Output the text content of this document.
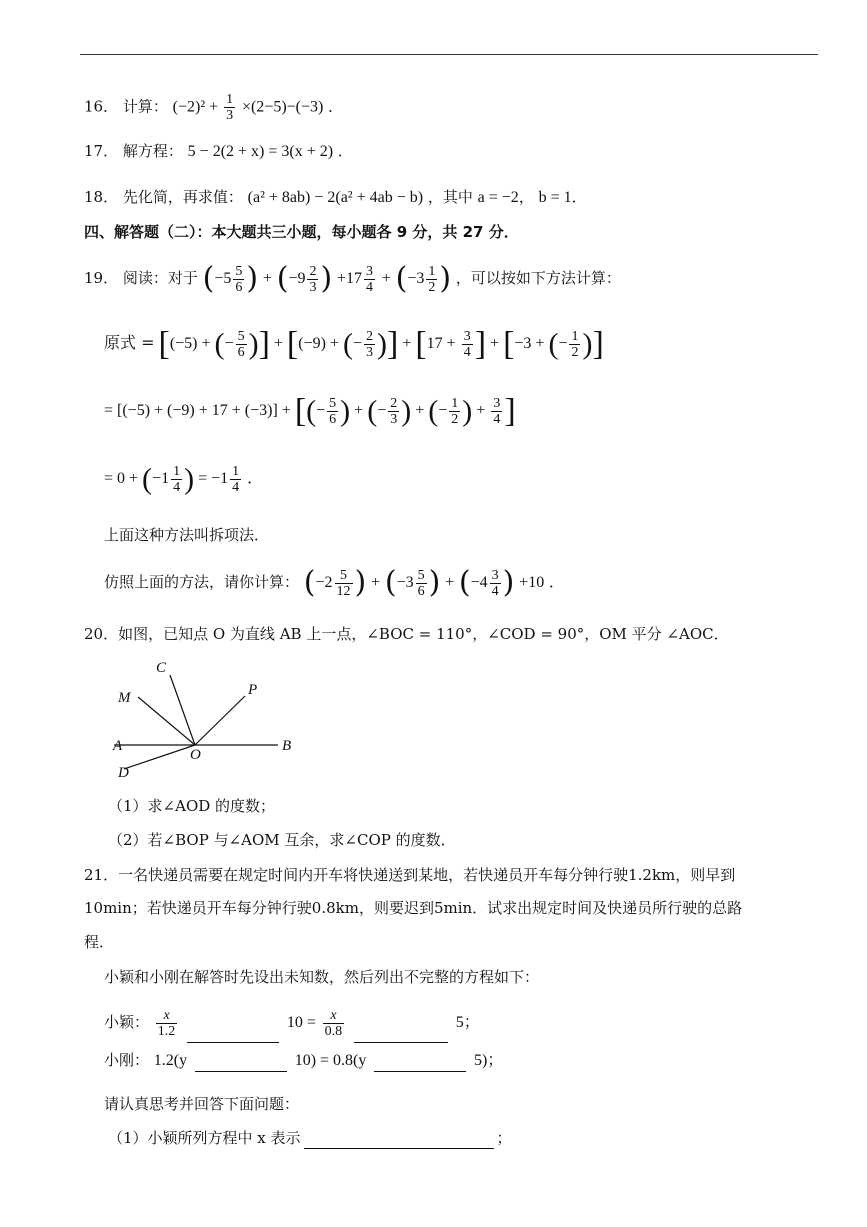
16． 计算： $(-2)^2 + \frac{1}{3} \times(2-5)-(-3)$ ．
17． 解方程： 5 − 2(2 + x) = 3(x + 2) ．
18． 先化简，再求值： (a² + 8ab) − 2(a² + 4ab − b) ，其中 a = −2， b = 1．
四、解答题（二）：本大题共三小题，每小题各 9 分，共 27 分．
19． 阅读：对于 ($-5 \frac{5}{6}$ ) + ($-9 \frac{2}{3}$ ) $+17 \frac{3}{4} + (-3 \frac{1}{2}$ ) ，可以按如下方法计算：
原式 = [(−5) + (− $\frac{5}{6}$ )] + [(−9) + (− $\frac{2}{3}$ )] + [$17 + \frac{3}{4}$ ] + [−3 + (− $\frac{1}{2}$ )]
= [(−5) + (−9) + 17 + (−3)] + [(− $\frac{5}{6}$ ) + (− $\frac{2}{3}$ ) + (− $\frac{1}{2}$ ) + $\frac{3}{4}$ ]
= $0 + (-1 \frac{1}{4}$ ) = $-1 \frac{1}{4}$ ．
上面这种方法叫拆项法．
仿照上面的方法，请你计算： ($-2 \frac{5}{12}$ ) + ($-3 \frac{5}{6}$ ) + ($-4 \frac{3}{4}$ ) +10 ．
20．如图，已知点 O 为直线 AB 上一点，∠BOC = 110°，∠COD = 90°，OM 平分 ∠AOC．
C
M	P
A
O
B
D
（1）求∠AOD 的度数；
（2）若∠BOP 与∠AOM 互余，求∠COP 的度数．
21．一名快递员需要在规定时间内开车将快递送到某地，若快递员开车每分钟行驶1.2km，则早到
10min；若快递员开车每分钟行驶0.8km，则要迟到5min．试求出规定时间及快递员所行驶的总路
程．
小颖和小刚在解答时先设出未知数，然后列出不完整的方程如下：
小颖： $\frac{x}{1.2}$	$10 = \frac{x}{0.8}$	5；
小刚： 1.2(y	10) = 0.8(y	5)；
请认真思考并回答下面问题：
（1）小颖所列方程中 x 表示	；
